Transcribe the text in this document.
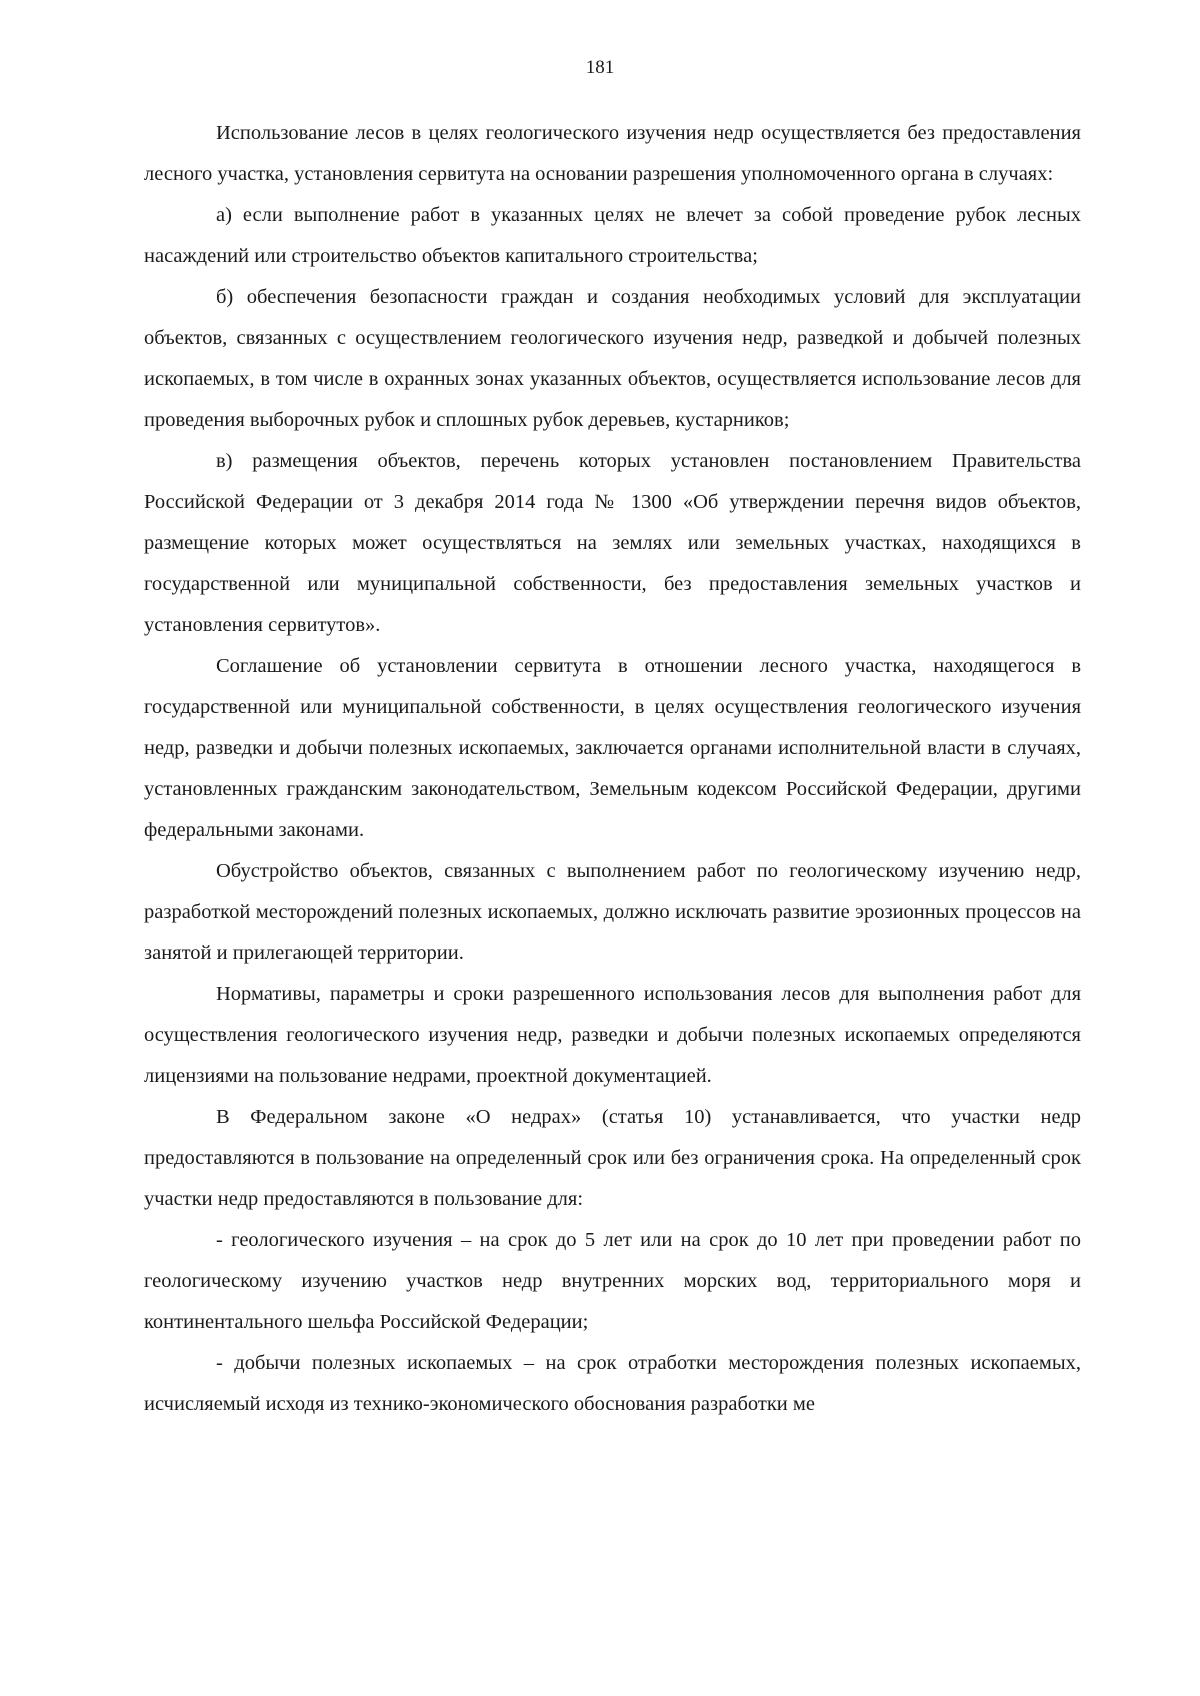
181

Использование лесов в целях геологического изучения недр осуществляется без предоставления лесного участка, установления сервитута на основании разрешения уполномоченного органа в случаях:

а) если выполнение работ в указанных целях не влечет за собой проведение рубок лесных насаждений или строительство объектов капитального строительства;

б) обеспечения безопасности граждан и создания необходимых условий для эксплуатации объектов, связанных с осуществлением геологического изучения недр, разведкой и добычей полезных ископаемых, в том числе в охранных зонах указанных объектов, осуществляется использование лесов для проведения выборочных рубок и сплошных рубок деревьев, кустарников;

в) размещения объектов, перечень которых установлен постановлением Правительства Российской Федерации от 3 декабря 2014 года № 1300 «Об утверждении перечня видов объектов, размещение которых может осуществляться на землях или земельных участках, находящихся в государственной или муниципальной собственности, без предоставления земельных участков и установления сервитутов».

Соглашение об установлении сервитута в отношении лесного участка, находящегося в государственной или муниципальной собственности, в целях осуществления геологического изучения недр, разведки и добычи полезных ископаемых, заключается органами исполнительной власти в случаях, установленных гражданским законодательством, Земельным кодексом Российской Федерации, другими федеральными законами.

Обустройство объектов, связанных с выполнением работ по геологическому изучению недр, разработкой месторождений полезных ископаемых, должно исключать развитие эрозионных процессов на занятой и прилегающей территории.

Нормативы, параметры и сроки разрешенного использования лесов для выполнения работ для осуществления геологического изучения недр, разведки и добычи полезных ископаемых определяются лицензиями на пользование недрами, проектной документацией.

В Федеральном законе «О недрах» (статья 10) устанавливается, что участки недр предоставляются в пользование на определенный срок или без ограничения срока. На определенный срок участки недр предоставляются в пользование для:

- геологического изучения – на срок до 5 лет или на срок до 10 лет при проведении работ по геологическому изучению участков недр внутренних морских вод, территориального моря и континентального шельфа Российской Федерации;

- добычи полезных ископаемых – на срок отработки месторождения полезных ископаемых, исчисляемый исходя из технико-экономического обоснования разработки ме
